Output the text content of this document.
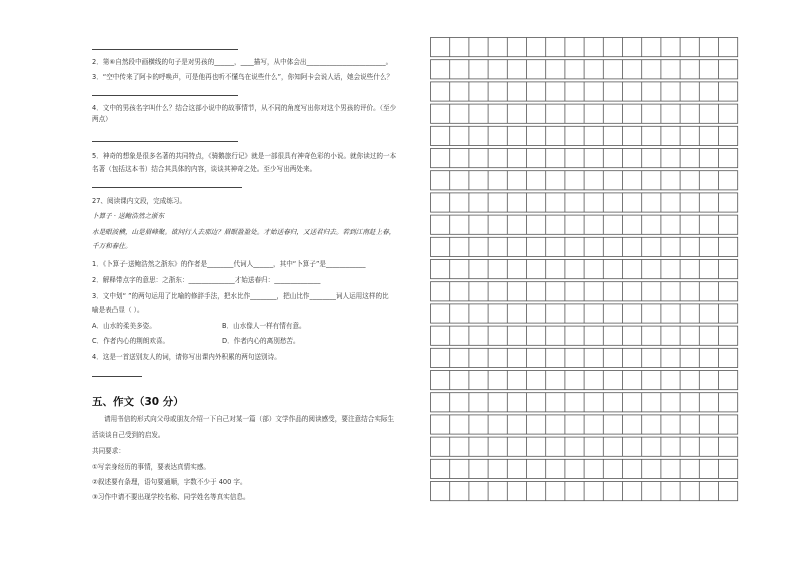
2．第⑥自然段中画横线的句子是对男孩的______，____描写，从中体会出________________________。
3．“空中传来了阿卡的呼唤声，可是他再也听不懂鸟在说些什么”，你知阿卡会说人话，她会说些什么？
4．文中的男孩名字叫什么？结合这部小说中的故事情节，从不同的角度写出你对这个男孩的评价。（至少
两点）
5．神奇的想象是很多名著的共同特点，《骑鹅旅行记》就是一部很具有神奇色彩的小说。就你读过的一本
名著（包括这本书）结合其具体的内容，谈谈其神奇之处。至少写出两处来。
27、阅读课内文段，完成练习。
卜算子 · 送鲍浩然之浙东
水是眼波横，山是眉峰聚。欲问行人去那边？眉眼盈盈处。才始送春归，又送君归去。若到江南赶上春，
千万和春住。
1．《卜算子·送鲍浩然之浙东》的作者是________代词人______，其中“卜算子”是____________
2．解释带点字的意思：之浙东：______________才始送春归：______________
3．文中划“ ”的两句运用了比喻的修辞手法，把水比作________，把山比作________词人运用这样的比
喻是表凸显（ ）。
A．山水的柔美多姿。	B．山水像人一样有情有意。
C．作者内心的荆朗欢喜。	D．作者内心的离别愁苦。
4．这是一首送别友人的词，请你写出课内外积累的两句送别诗。
五、作文（30 分）
请用书信的形式向父母或朋友介绍一下自己对某一篇（部）文学作品的阅读感受，要注意结合实际生
活谈谈自己受到的启发。
共同要求：
①写亲身经历的事情，要表达真情实感。
②叙述要有条理，语句要通顺，字数不少于 400 字。
③习作中请不要出现学校名称、同学姓名等真实信息。
